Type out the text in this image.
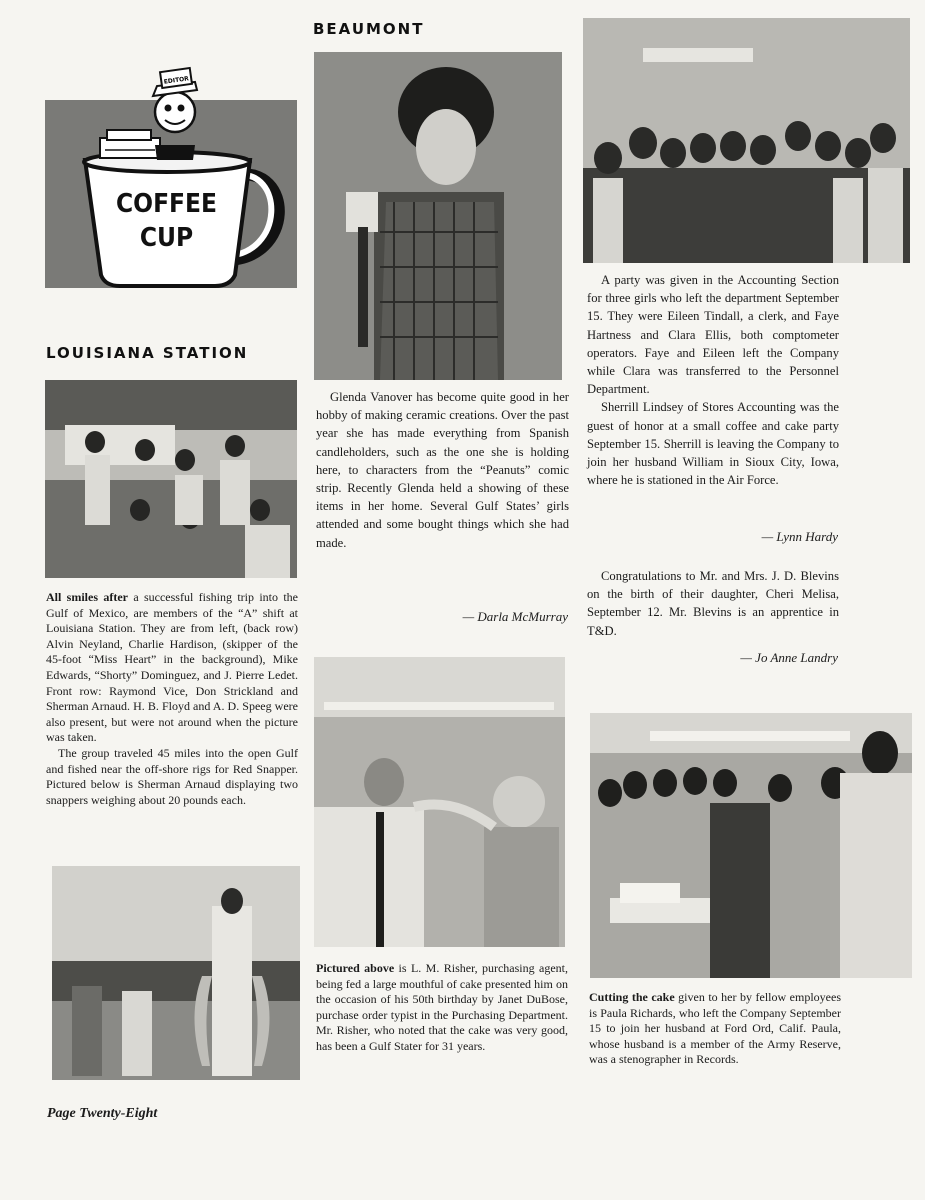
EDITOR
COFFEE
CUP
BEAUMONT
LOUISIANA STATION

Glenda Vanover has become quite good in her hobby of making ceramic creations. Over the past year she has made everything from Spanish candleholders, such as the one she is holding here, to characters from the “Peanuts” comic strip. Recently Glenda held a showing of these items in her home. Several Gulf States’ girls attended and some bought things which she had made.

— Darla McMurray

A party was given in the Accounting Section for three girls who left the department September 15. They were Eileen Tindall, a clerk, and Faye Hartness and Clara Ellis, both comptometer operators. Faye and Eileen left the Company while Clara was transferred to the Personnel Department.

Sherrill Lindsey of Stores Accounting was the guest of honor at a small coffee and cake party September 15. Sherrill is leaving the Company to join her husband William in Sioux City, Iowa, where he is stationed in the Air Force.

— Lynn Hardy

Congratulations to Mr. and Mrs. J. D. Blevins on the birth of their daughter, Cheri Melisa, September 12. Mr. Blevins is an apprentice in T&D.

— Jo Anne Landry

All smiles after a successful fishing trip into the Gulf of Mexico, are members of the “A” shift at Louisiana Station. They are from left, (back row) Alvin Neyland, Charlie Hardison, (skipper of the 45-foot “Miss Heart” in the background), Mike Edwards, “Shorty” Dominguez, and J. Pierre Ledet. Front row: Raymond Vice, Don Strickland and Sherman Arnaud. H. B. Floyd and A. D. Speeg were also present, but were not around when the picture was taken.

The group traveled 45 miles into the open Gulf and fished near the off-shore rigs for Red Snapper. Pictured below is Sherman Arnaud displaying two snappers weighing about 20 pounds each.

Pictured above is L. M. Risher, purchasing agent, being fed a large mouthful of cake presented him on the occasion of his 50th birthday by Janet DuBose, purchase order typist in the Purchasing Department. Mr. Risher, who noted that the cake was very good, has been a Gulf Stater for 31 years.

Cutting the cake given to her by fellow employees is Paula Richards, who left the Company September 15 to join her husband at Ford Ord, Calif. Paula, whose husband is a member of the Army Reserve, was a stenographer in Records.

Page Twenty-Eight
